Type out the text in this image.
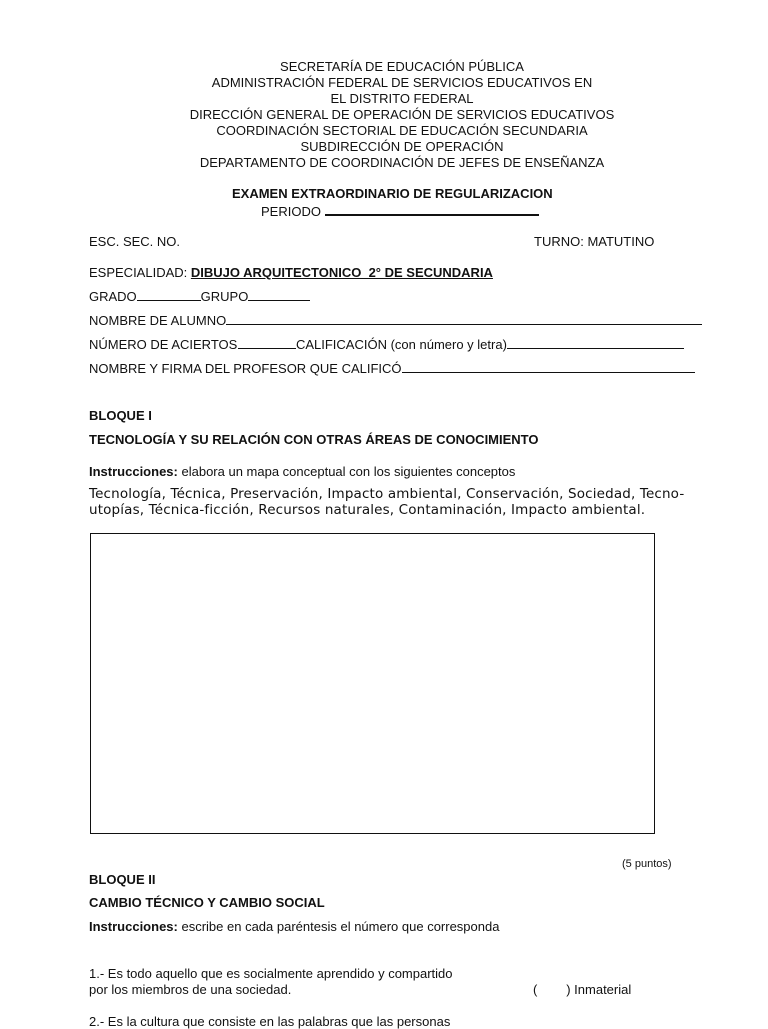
SECRETARÍA DE EDUCACIÓN PÚBLICA
ADMINISTRACIÓN FEDERAL DE SERVICIOS EDUCATIVOS EN
EL DISTRITO FEDERAL
DIRECCIÓN GENERAL DE OPERACIÓN DE SERVICIOS EDUCATIVOS
COORDINACIÓN SECTORIAL DE EDUCACIÓN SECUNDARIA
SUBDIRECCIÓN DE OPERACIÓN
DEPARTAMENTO DE COORDINACIÓN DE JEFES DE ENSEÑANZA
EXAMEN EXTRAORDINARIO DE REGULARIZACION
PERIODO
ESC. SEC. NO.	TURNO: MATUTINO
ESPECIALIDAD: DIBUJO ARQUITECTONICO  2° DE SECUNDARIA
GRADO	GRUPO
NOMBRE DE ALUMNO
NÚMERO DE ACIERTOS	CALIFICACIÓN (con número y letra)
NOMBRE Y FIRMA DEL PROFESOR QUE CALIFICÓ
BLOQUE I
TECNOLOGÍA Y SU RELACIÓN CON OTRAS ÁREAS DE CONOCIMIENTO
Instrucciones: elabora un mapa conceptual con los siguientes conceptos
Tecnología, Técnica, Preservación, Impacto ambiental, Conservación, Sociedad, Tecno-
utopías, Técnica-ficción, Recursos naturales, Contaminación, Impacto ambiental.
(5 puntos)
BLOQUE II
CAMBIO TÉCNICO Y CAMBIO SOCIAL
Instrucciones: escribe en cada paréntesis el número que corresponda
1.- Es todo aquello que es socialmente aprendido y compartido
por los miembros de una sociedad.	(        ) Inmaterial
2.- Es la cultura que consiste en las palabras que las personas
